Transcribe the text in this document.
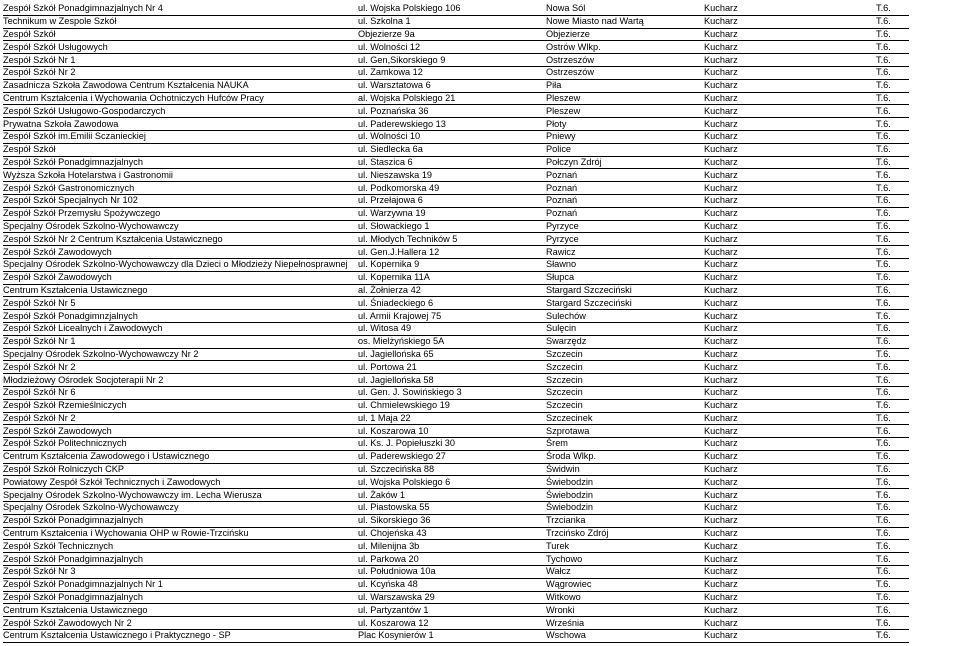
Zespół Szkół Ponadgimnazjalnych Nr 4	ul. Wojska Polskiego 106	Nowa Sól	Kucharz	T.6.
Technikum w Zespole Szkół	ul. Szkolna 1	Nowe Miasto nad Wartą	Kucharz	T.6.
Zespół Szkół	Objezierze 9a	Objezierze	Kucharz	T.6.
Zespół Szkół Usługowych	ul. Wolności 12	Ostrów Wlkp.	Kucharz	T.6.
Zespół Szkół Nr 1	ul. Gen,Sikorskiego 9	Ostrzeszów	Kucharz	T.6.
Zespół Szkół Nr 2	ul. Zamkowa 12	Ostrzeszów	Kucharz	T.6.
Zasadnicza Szkoła Zawodowa Centrum Kształcenia NAUKA	ul. Warsztatowa 6	Piła	Kucharz	T.6.
Centrum Kształcenia i Wychowania Ochotniczych Hufców Pracy	al. Wojska Polskiego 21	Pleszew	Kucharz	T.6.
Zespół Szkół Usługowo-Gospodarczych	ul. Poznańska 36	Pleszew	Kucharz	T.6.
Prywatna Szkoła Zawodowa	ul. Paderewskiego 13	Płoty	Kucharz	T.6.
Zespół Szkół im.Emilii Sczanieckiej	ul. Wolności 10	Pniewy	Kucharz	T.6.
Zespół Szkół	ul. Siedlecka 6a	Police	Kucharz	T.6.
Zespół Szkół Ponadgimnazjalnych	ul. Staszica 6	Połczyn Zdrój	Kucharz	T.6.
Wyższa Szkoła Hotelarstwa i Gastronomii	ul. Nieszawska 19	Poznań	Kucharz	T.6.
Zespół Szkół Gastronomicznych	ul. Podkomorska 49	Poznań	Kucharz	T.6.
Zespół Szkół Specjalnych Nr 102	ul. Przełajowa 6	Poznań	Kucharz	T.6.
Zespół Szkół Przemysłu Spożywczego	ul. Warzywna 19	Poznań	Kucharz	T.6.
Specjalny Ośrodek Szkolno-Wychowawczy	ul. Słowackiego 1	Pyrzyce	Kucharz	T.6.
Zespół Szkół Nr 2 Centrum Kształcenia Ustawicznego	ul. Młodych Techników 5	Pyrzyce	Kucharz	T.6.
Zespół Szkół Zawodowych	ul. Gen.J.Hallera 12	Rawicz	Kucharz	T.6.
Specjalny Ośrodek Szkolno-Wychowawczy dla Dzieci o Młodzieży Niepełnosprawnej	ul. Kopernika 9	Sławno	Kucharz	T.6.
Zespół Szkół Zawodowych	ul. Kopernika 11A	Słupca	Kucharz	T.6.
Centrum Kształcenia Ustawicznego	al. Żołnierza 42	Stargard Szczeciński	Kucharz	T.6.
Zespół Szkół Nr 5	ul. Śniadeckiego 6	Stargard Szczeciński	Kucharz	T.6.
Zespół Szkół Ponadgimnzjalnych	ul. Armii Krajowej 75	Sulechów	Kucharz	T.6.
Zespół Szkół Licealnych i Zawodowych	ul. Witosa 49	Sulęcin	Kucharz	T.6.
Zespół Szkół Nr 1	os. Mielżyńskiego 5A	Swarzędz	Kucharz	T.6.
Specjalny Ośrodek Szkolno-Wychowawczy Nr 2	ul. Jagiellońska 65	Szczecin	Kucharz	T.6.
Zespół Szkół Nr 2	ul. Portowa 21	Szczecin	Kucharz	T.6.
Młodzieżowy Ośrodek Socjoterapii Nr 2	ul. Jagiellońska 58	Szczecin	Kucharz	T.6.
Zespół Szkół Nr 6	ul. Gen. J. Sowińskiego 3	Szczecin	Kucharz	T.6.
Zespół Szkół Rzemieślniczych	ul. Chmielewskiego 19	Szczecin	Kucharz	T.6.
Zespół Szkół Nr 2	ul. 1 Maja 22	Szczecinek	Kucharz	T.6.
Zespół Szkół Zawodowych	ul. Koszarowa 10	Szprotawa	Kucharz	T.6.
Zespół Szkół Politechnicznych	ul. Ks. J. Popiełuszki 30	Śrem	Kucharz	T.6.
Centrum Kształcenia Zawodowego i Ustawicznego	ul. Paderewskiego 27	Środa Wlkp.	Kucharz	T.6.
Zespół Szkół Rolniczych CKP	ul. Szczecińska 88	Świdwin	Kucharz	T.6.
Powiatowy Zespół Szkół Technicznych i Zawodowych	ul. Wojska Polskiego 6	Świebodzin	Kucharz	T.6.
Specjalny Ośrodek Szkolno-Wychowawczy im. Lecha Wierusza	ul. Żaków 1	Świebodzin	Kucharz	T.6.
Specjalny Ośrodek Szkolno-Wychowawczy	ul. Piastowska 55	Świebodzin	Kucharz	T.6.
Zespół Szkół Ponadgimnazjalnych	ul. Sikorskiego 36	Trzcianka	Kucharz	T.6.
Centrum Kształcenia i Wychowania OHP w Rowie-Trzcińsku	ul. Chojeńska 43	Trzcińsko Zdrój	Kucharz	T.6.
Zespół Szkół Technicznych	ul. Milenijna 3b	Turek	Kucharz	T.6.
Zespół Szkół Ponadgimnazjalnych	ul. Parkowa 20	Tychowo	Kucharz	T.6.
Zespół Szkół Nr 3	ul. Południowa 10a	Wałcz	Kucharz	T.6.
Zespół Szkół Ponadgimnazjalnych Nr 1	ul. Kcyńska 48	Wągrowiec	Kucharz	T.6.
Zespół Szkół Ponadgimnazjalnych	ul. Warszawska 29	Witkowo	Kucharz	T.6.
Centrum Kształcenia Ustawicznego	ul. Partyzantów 1	Wronki	Kucharz	T.6.
Zespół Szkół Zawodowych Nr 2	ul. Koszarowa 12	Września	Kucharz	T.6.
Centrum Kształcenia Ustawicznego i Praktycznego - SP	Plac Kosynierów 1	Wschowa	Kucharz	T.6.
